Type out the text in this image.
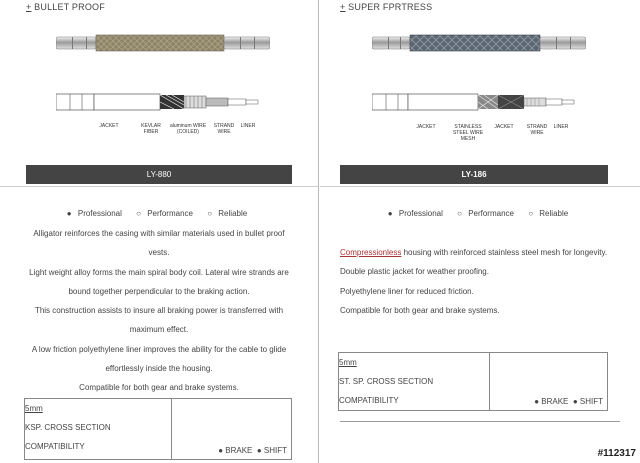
+ BULLET PROOF
JACKET	KEVLAR FIBER
aluminum WIRE (COILED)
STRAND WIRE
LINER
LY-880
● Professional ○ Performance ○ Reliable

Alligator reinforces the casing with similar materials used in bullet proof vests.

Light weight alloy forms the main spiral body coil. Lateral wire strands are bound together perpendicular to the braking action.

This construction assists to insure all braking power is transferred with maximum effect.

A low friction polyethylene liner improves the ability for the cable to glide effortlessly inside the housing.

Compatible for both gear and brake systems.

5mm
KSP. CROSS SECTION
COMPATIBILITY	● BRAKE  ● SHIFT
+ SUPER FPRTRESS
JACKET	STAINLESS STEEL WIRE MESH
JACKET	STRAND WIRE
LINER
LY-186
● Professional ○ Performance ○ Reliable

Compressionless housing with reinforced stainless steel mesh for longevity.

Double plastic jacket for weather proofing.

Polyethylene liner for reduced friction.

Compatible for both gear and brake systems.

5mm
ST. SP. CROSS SECTION
COMPATIBILITY	● BRAKE  ● SHIFT
#112317
